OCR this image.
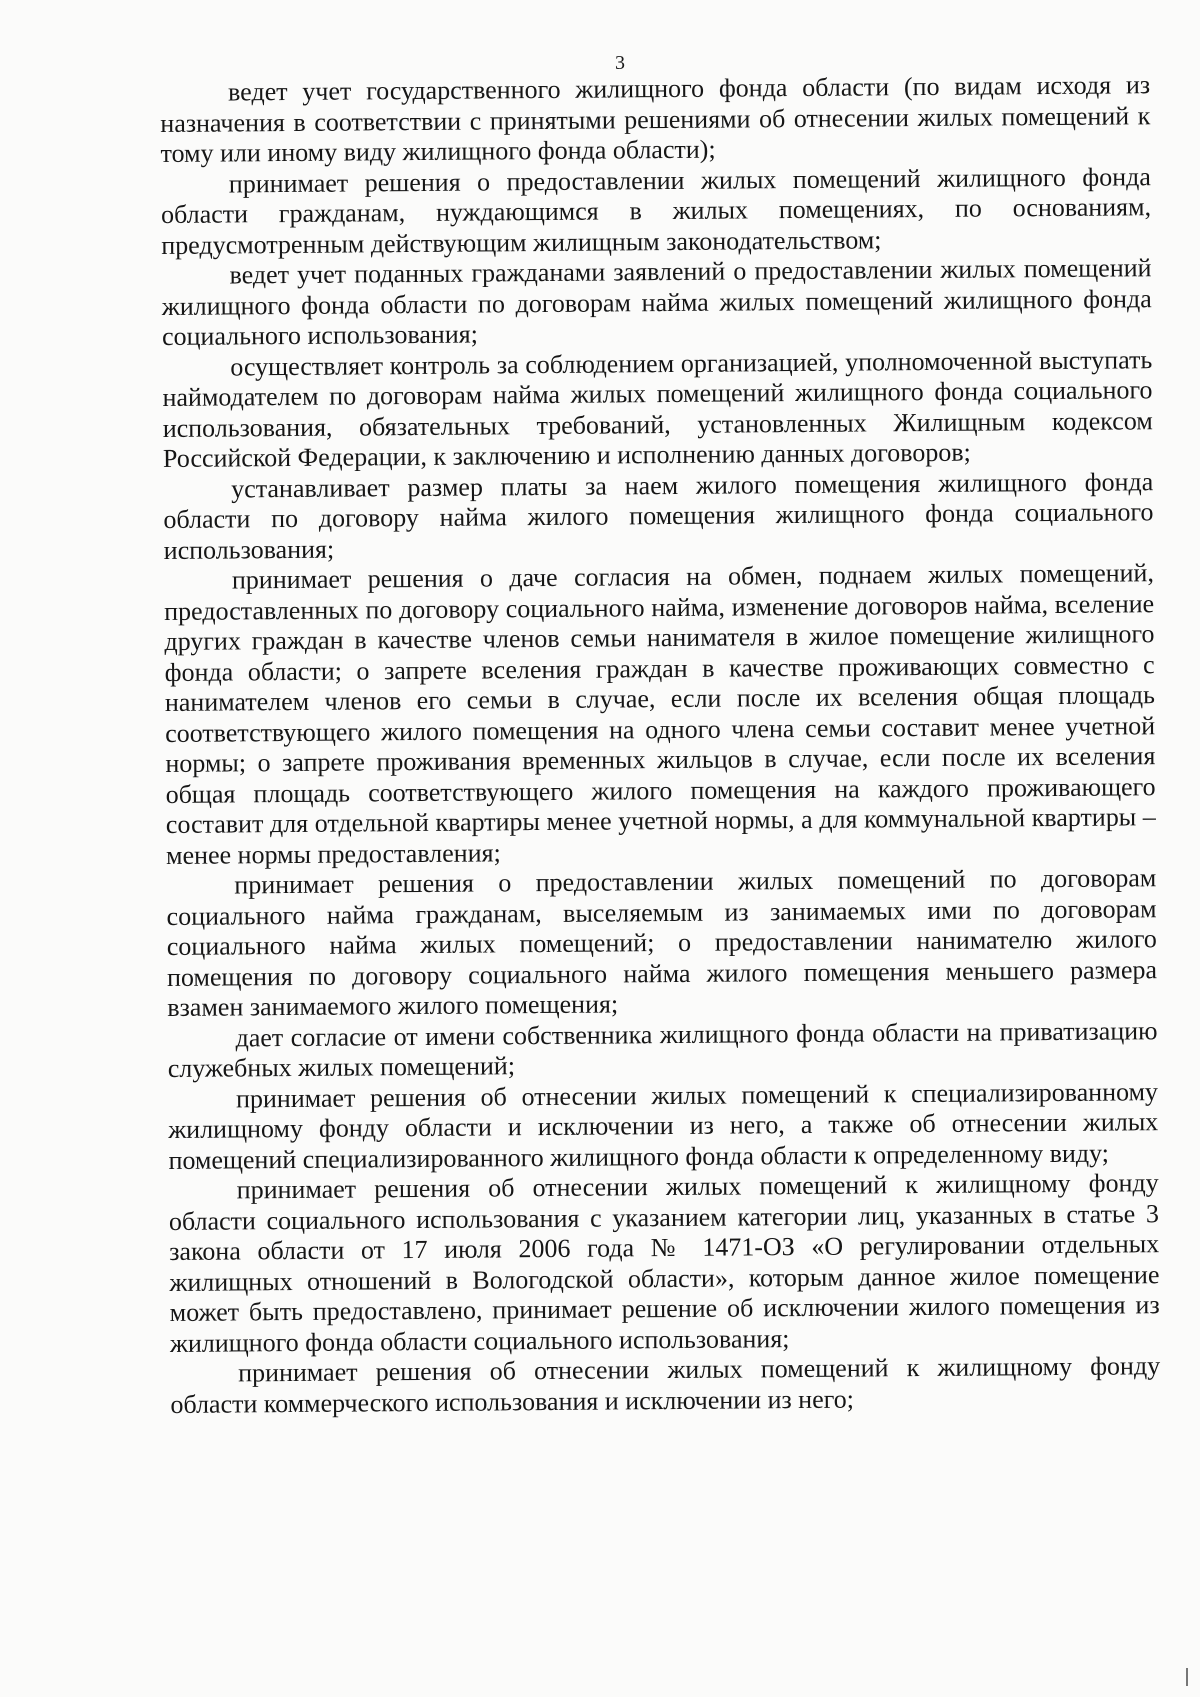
3

ведет учет государственного жилищного фонда области (по видам исходя из назначения в соответствии с принятыми решениями об отнесении жилых помещений к тому или иному виду жилищного фонда области);

принимает решения о предоставлении жилых помещений жилищного фонда области гражданам, нуждающимся в жилых помещениях, по основаниям, предусмотренным действующим жилищным законодательством;

ведет учет поданных гражданами заявлений о предоставлении жилых помещений жилищного фонда области по договорам найма жилых помещений жилищного фонда социального использования;

осуществляет контроль за соблюдением организацией, уполномоченной выступать наймодателем по договорам найма жилых помещений жилищного фонда социального использования, обязательных требований, установленных Жилищным кодексом Российской Федерации, к заключению и исполнению данных договоров;

устанавливает размер платы за наем жилого помещения жилищного фонда области по договору найма жилого помещения жилищного фонда социального использования;

принимает решения о даче согласия на обмен, поднаем жилых помещений, предоставленных по договору социального найма, изменение договоров найма, вселение других граждан в качестве членов семьи нанимателя в жилое помещение жилищного фонда области; о запрете вселения граждан в качестве проживающих совместно с нанимателем членов его семьи в случае, если после их вселения общая площадь соответствующего жилого помещения на одного члена семьи составит менее учетной нормы; о запрете проживания временных жильцов в случае, если после их вселения общая площадь соответствующего жилого помещения на каждого проживающего составит для отдельной квартиры менее учетной нормы, а для коммунальной квартиры – менее нормы предоставления;

принимает решения о предоставлении жилых помещений по договорам социального найма гражданам, выселяемым из занимаемых ими по договорам социального найма жилых помещений; о предоставлении нанимателю жилого помещения по договору социального найма жилого помещения меньшего размера взамен занимаемого жилого помещения;

дает согласие от имени собственника жилищного фонда области на приватизацию служебных жилых помещений;

принимает решения об отнесении жилых помещений к специализированному жилищному фонду области и исключении из него, а также об отнесении жилых помещений специализированного жилищного фонда области к определенному виду;

принимает решения об отнесении жилых помещений к жилищному фонду области социального использования с указанием категории лиц, указанных в статье 3 закона области от 17 июля 2006 года № 1471-ОЗ «О регулировании отдельных жилищных отношений в Вологодской области», которым данное жилое помещение может быть предоставлено, принимает решение об исключении жилого помещения из жилищного фонда области социального использования;

принимает решения об отнесении жилых помещений к жилищному фонду области коммерческого использования и исключении из него;
